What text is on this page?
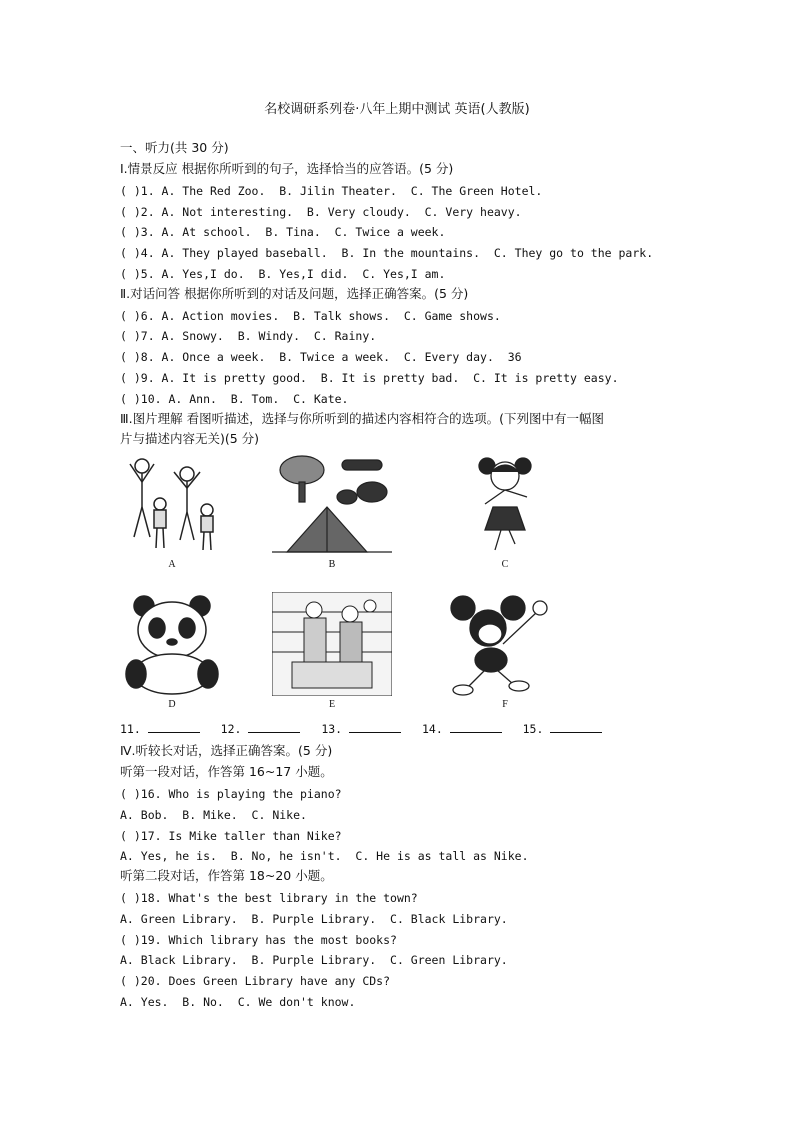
名校调研系列卷·八年上期中测试 英语(人教版)
一、听力(共 30 分)
Ⅰ.情景反应 根据你所听到的句子，选择恰当的应答语。(5 分)
( )1. A. The Red Zoo.  B. Jilin Theater.  C. The Green Hotel.
( )2. A. Not interesting.  B. Very cloudy.  C. Very heavy.
( )3. A. At school.  B. Tina.  C. Twice a week.
( )4. A. They played baseball.  B. In the mountains.  C. They go to the park.
( )5. A. Yes,I do.  B. Yes,I did.  C. Yes,I am.
Ⅱ.对话问答 根据你所听到的对话及问题，选择正确答案。(5 分)
( )6. A. Action movies.  B. Talk shows.  C. Game shows.
( )7. A. Snowy.  B. Windy.  C. Rainy.
( )8. A. Once a week.  B. Twice a week.  C. Every day.  36
( )9. A. It is pretty good.  B. It is pretty bad.  C. It is pretty easy.
( )10. A. Ann.  B. Tom.  C. Kate.
Ⅲ.图片理解 看图听描述，选择与你所听到的描述内容相符合的选项。(下列图中有一幅图
片与描述内容无关)(5 分)
A	B	C
D	E	F
11.	12.	13.	14.	15.
Ⅳ.听较长对话，选择正确答案。(5 分)
听第一段对话，作答第 16~17 小题。
( )16. Who is playing the piano?
A. Bob.  B. Mike.  C. Nike.
( )17. Is Mike taller than Nike?
A. Yes, he is.  B. No, he isn't.  C. He is as tall as Nike.
听第二段对话，作答第 18~20 小题。
( )18. What's the best library in the town?
A. Green Library.  B. Purple Library.  C. Black Library.
( )19. Which library has the most books?
A. Black Library.  B. Purple Library.  C. Green Library.
( )20. Does Green Library have any CDs?
A. Yes.  B. No.  C. We don't know.
